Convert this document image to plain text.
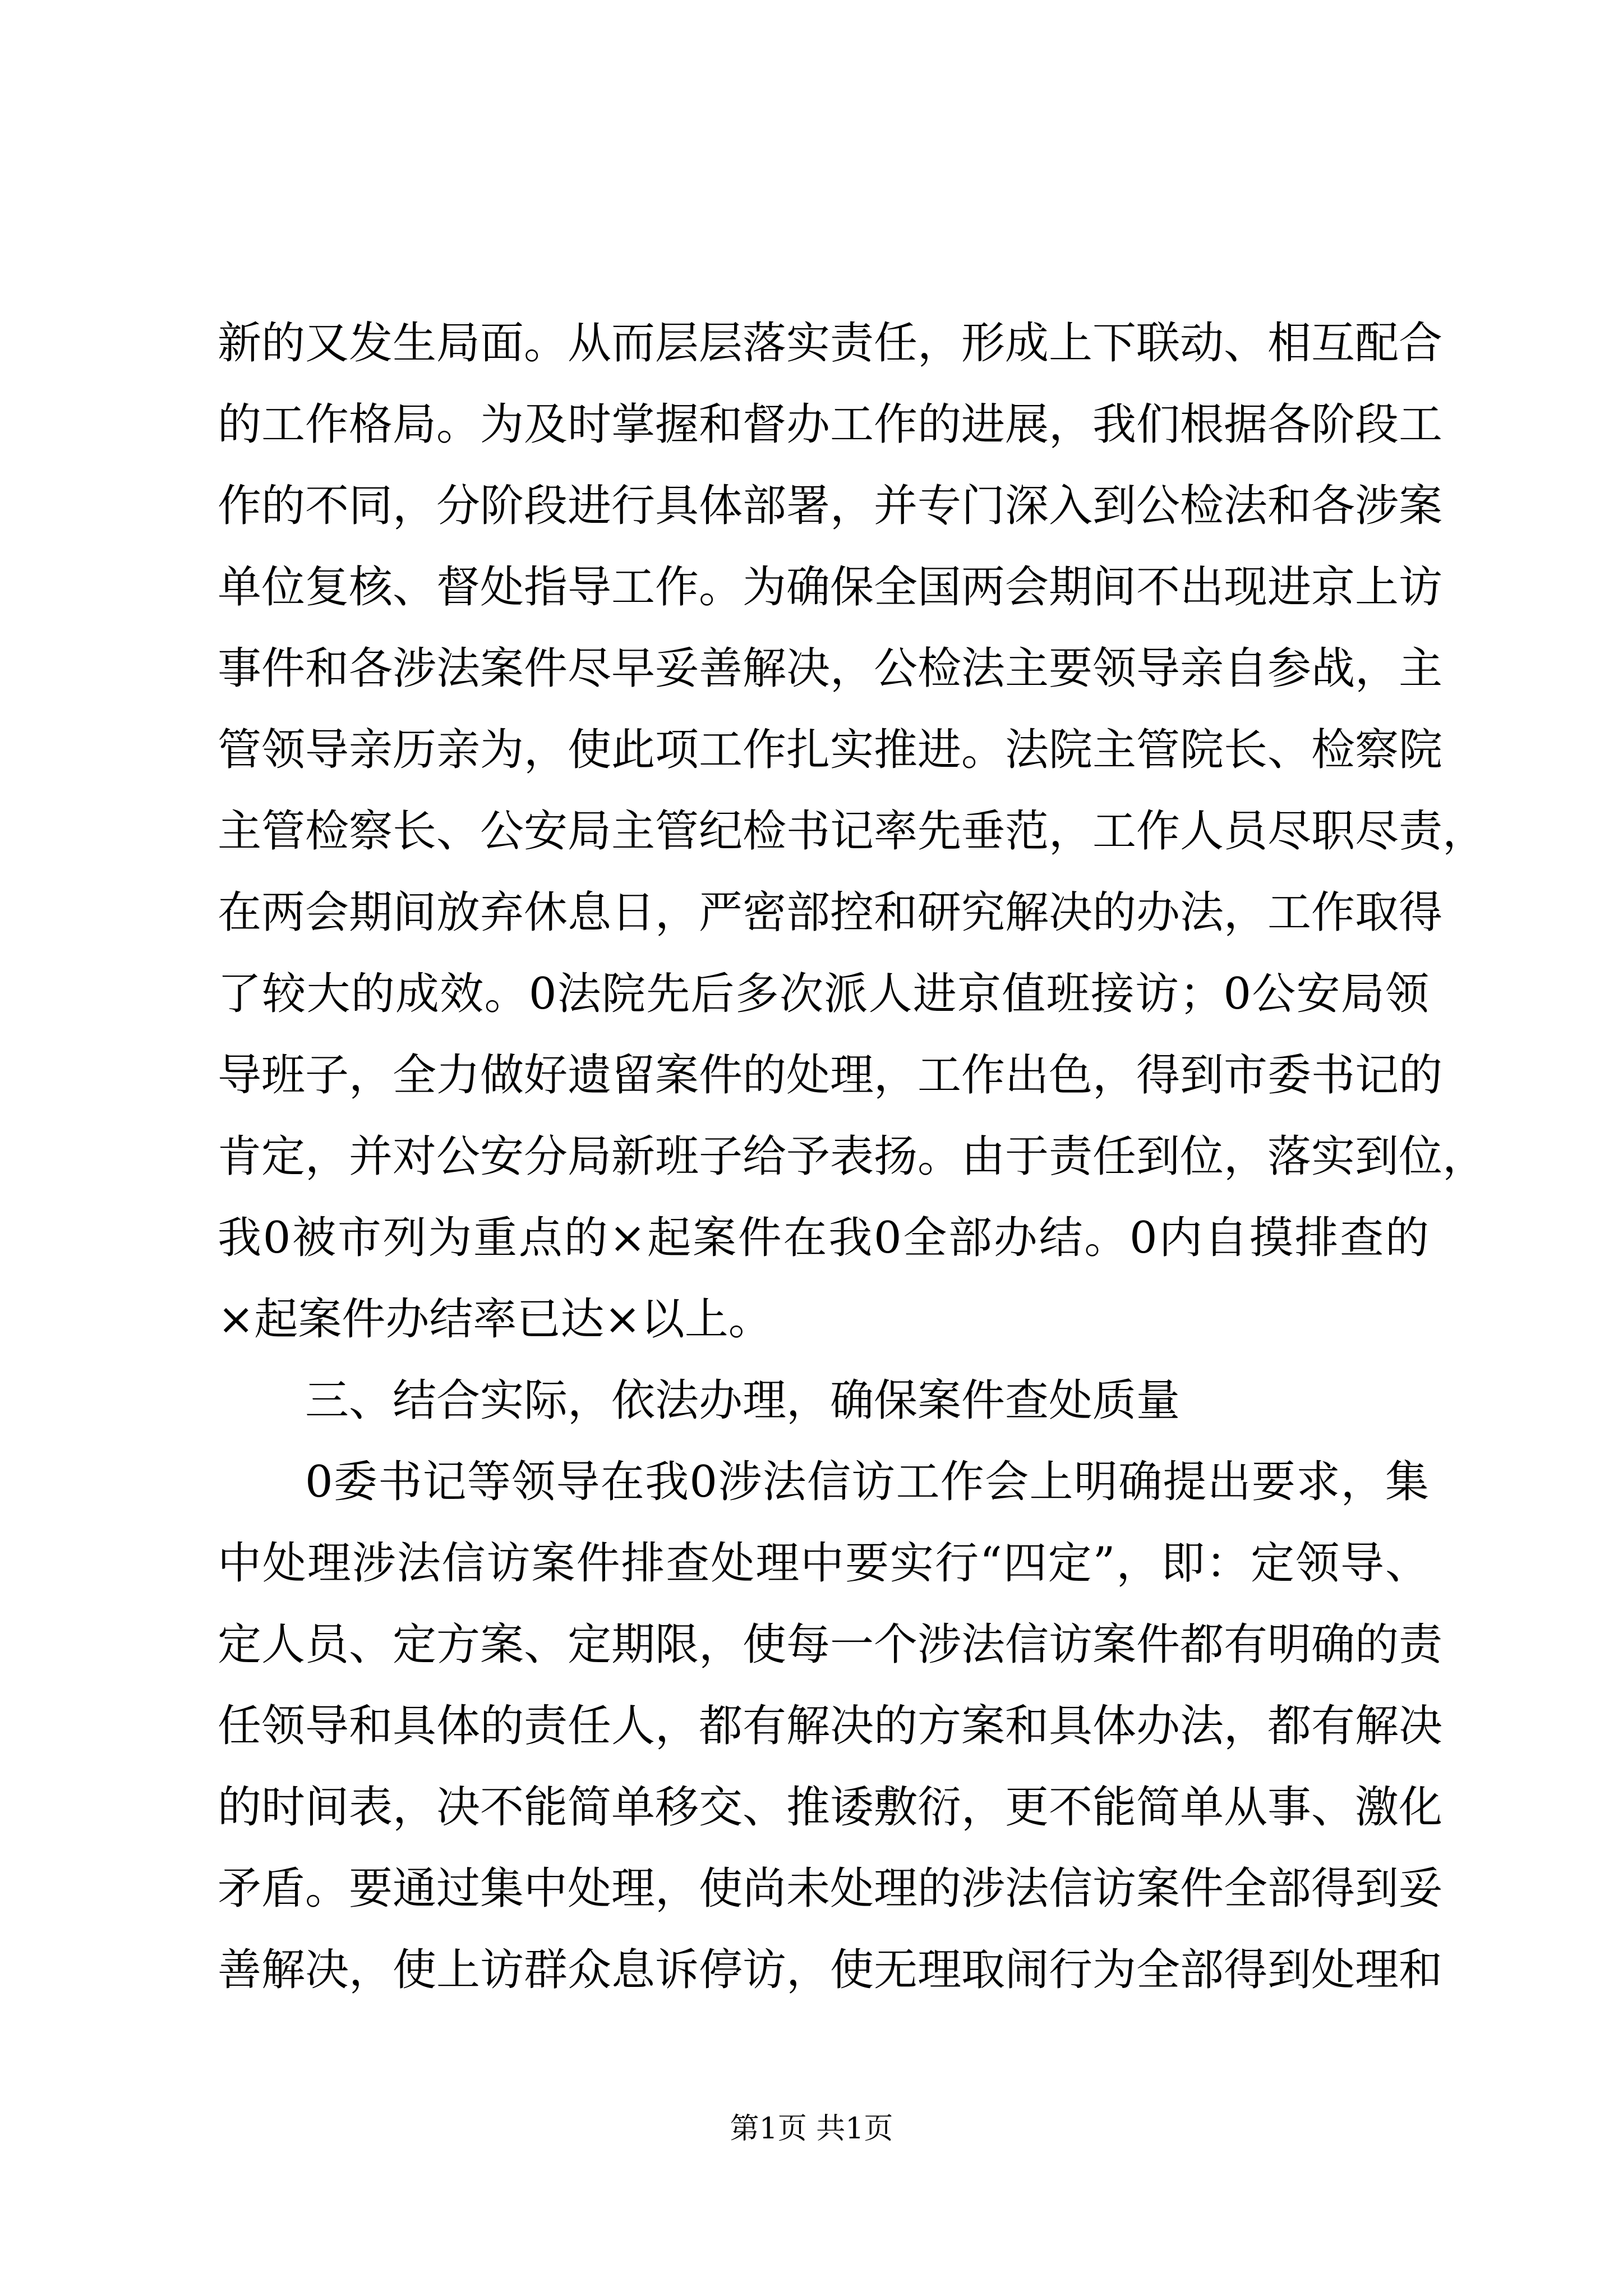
新的又发生局面。从而层层落实责任，形成上下联动、相互配合
的工作格局。为及时掌握和督办工作的进展，我们根据各阶段工
作的不同，分阶段进行具体部署，并专门深入到公检法和各涉案
单位复核、督处指导工作。为确保全国两会期间不出现进京上访
事件和各涉法案件尽早妥善解决，公检法主要领导亲自参战，主
管领导亲历亲为，使此项工作扎实推进。法院主管院长、检察院
主管检察长、公安局主管纪检书记率先垂范，工作人员尽职尽责，
在两会期间放弃休息日，严密部控和研究解决的办法，工作取得
了较大的成效。0法院先后多次派人进京值班接访；0公安局领
导班子，全力做好遗留案件的处理，工作出色，得到市委书记的
肯定，并对公安分局新班子给予表扬。由于责任到位，落实到位，
我0被市列为重点的×起案件在我0全部办结。0内自摸排查的
×起案件办结率已达×以上。
三、结合实际，依法办理，确保案件查处质量
0委书记等领导在我0涉法信访工作会上明确提出要求，集
中处理涉法信访案件排查处理中要实行“四定”，即：定领导、
定人员、定方案、定期限，使每一个涉法信访案件都有明确的责
任领导和具体的责任人，都有解决的方案和具体办法，都有解决
的时间表，决不能简单移交、推诿敷衍，更不能简单从事、激化
矛盾。要通过集中处理，使尚未处理的涉法信访案件全部得到妥
善解决，使上访群众息诉停访，使无理取闹行为全部得到处理和
第1页 共1页
